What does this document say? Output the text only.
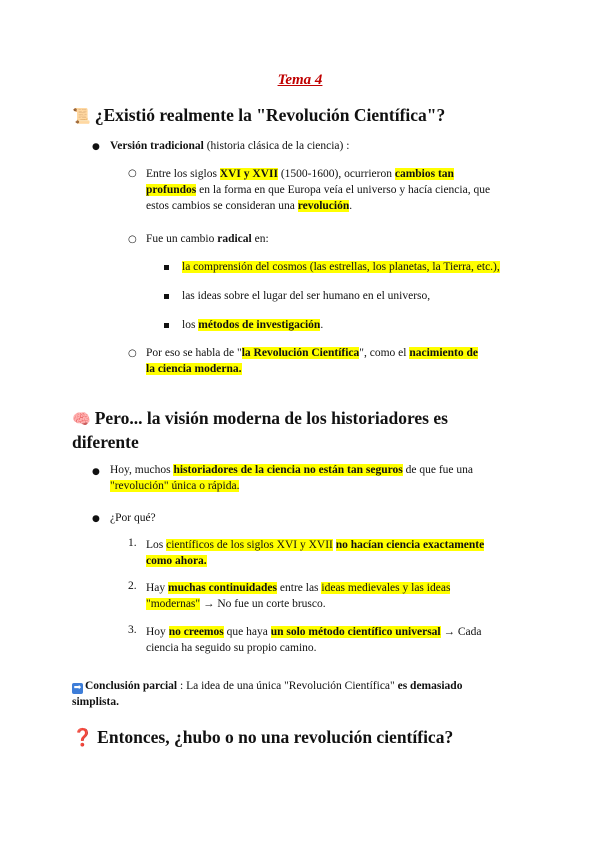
Tema 4
📜 ¿Existió realmente la "Revolución Científica"?
● Versión tradicional (historia clásica de la ciencia) :
○ Entre los siglos XVI y XVII (1500-1600), ocurrieron cambios tan
profundos en la forma en que Europa veía el universo y hacía ciencia, que
estos cambios se consideran una revolución.
○ Fue un cambio radical en:
la comprensión del cosmos (las estrellas, los planetas, la Tierra, etc.),
las ideas sobre el lugar del ser humano en el universo,
los métodos de investigación.
○ Por eso se habla de "la Revolución Científica", como el nacimiento de
la ciencia moderna.
🧠 Pero... la visión moderna de los historiadores es
diferente
● Hoy, muchos historiadores de la ciencia no están tan seguros de que fue una
"revolución" única o rápida.
● ¿Por qué?
1. Los científicos de los siglos XVI y XVII no hacían ciencia exactamente
como ahora.
2. Hay muchas continuidades entre las ideas medievales y las ideas
"modernas" → No fue un corte brusco.
3. Hoy no creemos que haya un solo método científico universal → Cada
ciencia ha seguido su propio camino.
➡ Conclusión parcial : La idea de una única "Revolución Científica" es demasiado
simplista.
❓ Entonces, ¿hubo o no una revolución científica?
